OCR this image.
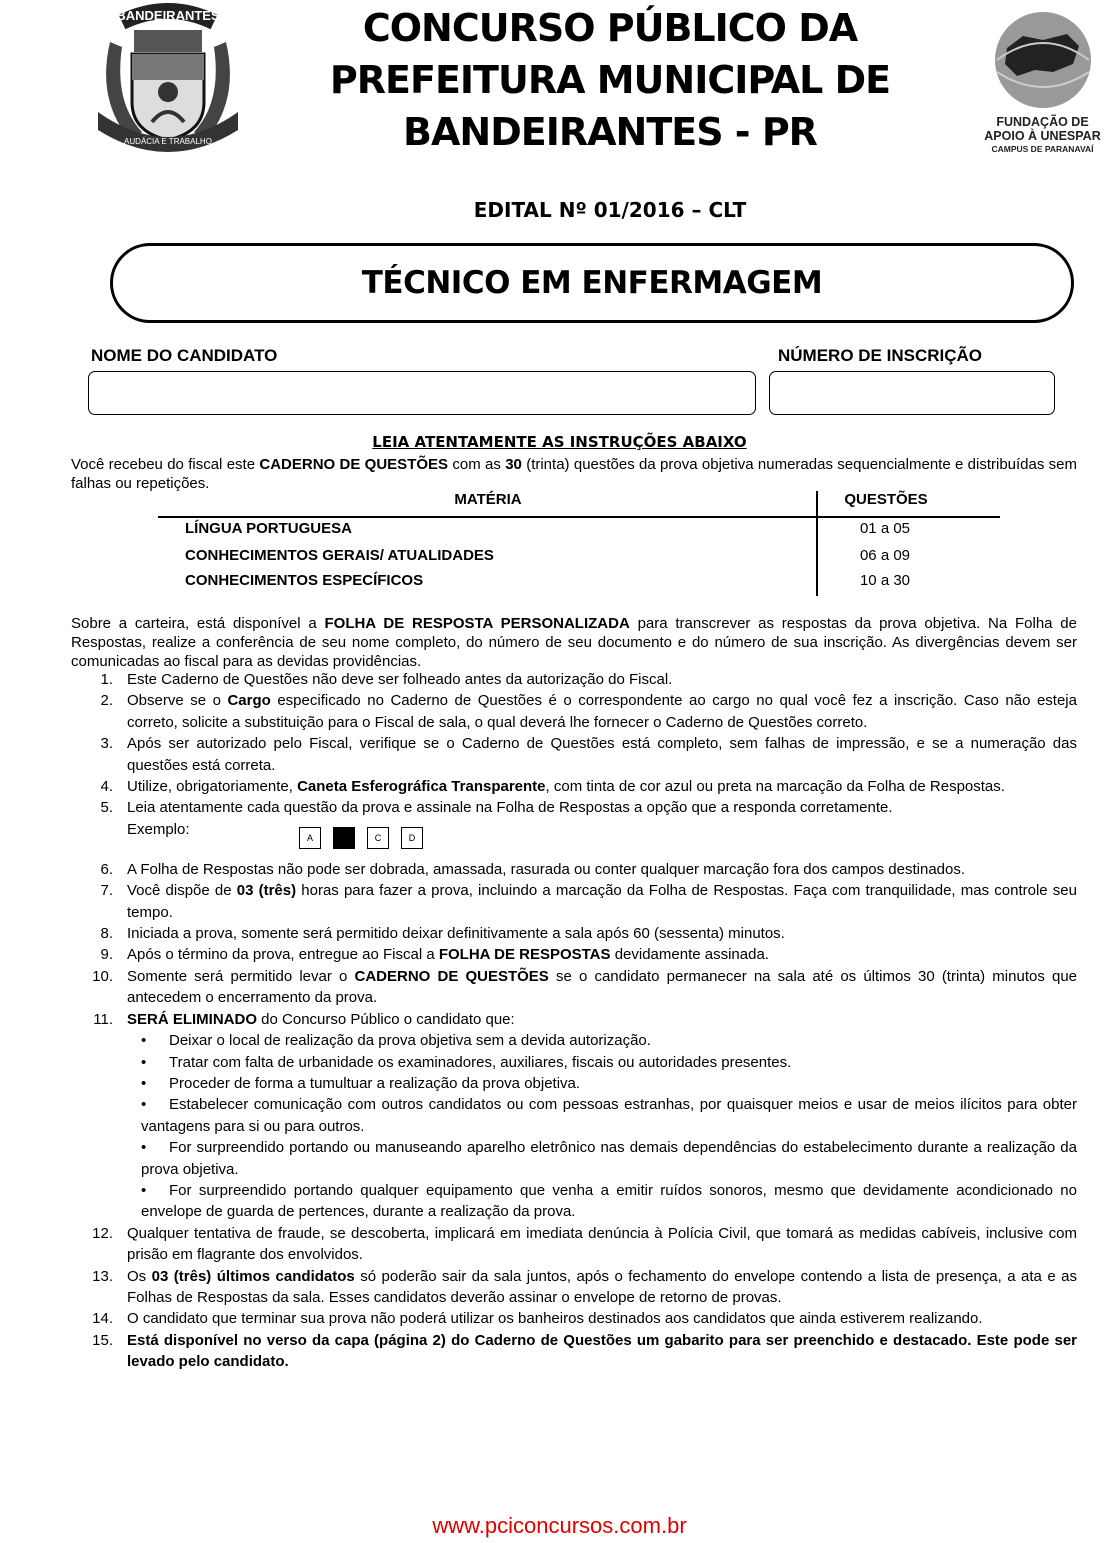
BANDEIRANTES
AUDÁCIA E TRABALHO
CONCURSO PÚBLICO DA
PREFEITURA MUNICIPAL DE
BANDEIRANTES - PR	FUNDAÇÃO DE
APOIO À UNESPAR
CAMPUS DE PARANAVAÍ
EDITAL Nº 01/2016 – CLT
TÉCNICO EM ENFERMAGEM
NOME DO CANDIDATO	NÚMERO DE INSCRIÇÃO
LEIA ATENTAMENTE AS INSTRUÇÕES ABAIXO
Você recebeu do fiscal este CADERNO DE QUESTÕES com as 30 (trinta) questões da prova objetiva numeradas sequencialmente e distribuídas sem falhas ou repetições.
MATÉRIA	QUESTÕES
LÍNGUA PORTUGUESA	01 a 05
CONHECIMENTOS GERAIS/ ATUALIDADES	06 a 09
CONHECIMENTOS ESPECÍFICOS	10 a 30
Sobre a carteira, está disponível a FOLHA DE RESPOSTA PERSONALIZADA para transcrever as respostas da prova objetiva. Na Folha de Respostas, realize a conferência de seu nome completo, do número de seu documento e do número de sua inscrição. As divergências devem ser comunicadas ao fiscal para as devidas providências.
1. Este Caderno de Questões não deve ser folheado antes da autorização do Fiscal.
2. Observe se o Cargo especificado no Caderno de Questões é o correspondente ao cargo no qual você fez a inscrição. Caso não esteja correto, solicite a substituição para o Fiscal de sala, o qual deverá lhe fornecer o Caderno de Questões correto.
3. Após ser autorizado pelo Fiscal, verifique se o Caderno de Questões está completo, sem falhas de impressão, e se a numeração das questões está correta.
4. Utilize, obrigatoriamente, Caneta Esferográfica Transparente, com tinta de cor azul ou preta na marcação da Folha de Respostas.
5. Leia atentamente cada questão da prova e assinale na Folha de Respostas a opção que a responda corretamente.
Exemplo:
A	C	D
6. A Folha de Respostas não pode ser dobrada, amassada, rasurada ou conter qualquer marcação fora dos campos destinados.
7. Você dispõe de 03 (três) horas para fazer a prova, incluindo a marcação da Folha de Respostas. Faça com tranquilidade, mas controle seu tempo.
8. Iniciada a prova, somente será permitido deixar definitivamente a sala após 60 (sessenta) minutos.
9. Após o término da prova, entregue ao Fiscal a FOLHA DE RESPOSTAS devidamente assinada.
10. Somente será permitido levar o CADERNO DE QUESTÕES se o candidato permanecer na sala até os últimos 30 (trinta) minutos que antecedem o encerramento da prova.
11. SERÁ ELIMINADO do Concurso Público o candidato que:
• Deixar o local de realização da prova objetiva sem a devida autorização.
• Tratar com falta de urbanidade os examinadores, auxiliares, fiscais ou autoridades presentes.
• Proceder de forma a tumultuar a realização da prova objetiva.
• Estabelecer comunicação com outros candidatos ou com pessoas estranhas, por quaisquer meios e usar de meios ilícitos para obter vantagens para si ou para outros.
• For surpreendido portando ou manuseando aparelho eletrônico nas demais dependências do estabelecimento durante a realização da prova objetiva.
• For surpreendido portando qualquer equipamento que venha a emitir ruídos sonoros, mesmo que devidamente acondicionado no envelope de guarda de pertences, durante a realização da prova.
12. Qualquer tentativa de fraude, se descoberta, implicará em imediata denúncia à Polícia Civil, que tomará as medidas cabíveis, inclusive com prisão em flagrante dos envolvidos.
13. Os 03 (três) últimos candidatos só poderão sair da sala juntos, após o fechamento do envelope contendo a lista de presença, a ata e as Folhas de Respostas da sala. Esses candidatos deverão assinar o envelope de retorno de provas.
14. O candidato que terminar sua prova não poderá utilizar os banheiros destinados aos candidatos que ainda estiverem realizando.
15. Está disponível no verso da capa (página 2) do Caderno de Questões um gabarito para ser preenchido e destacado. Este pode ser levado pelo candidato.
www.pciconcursos.com.br
